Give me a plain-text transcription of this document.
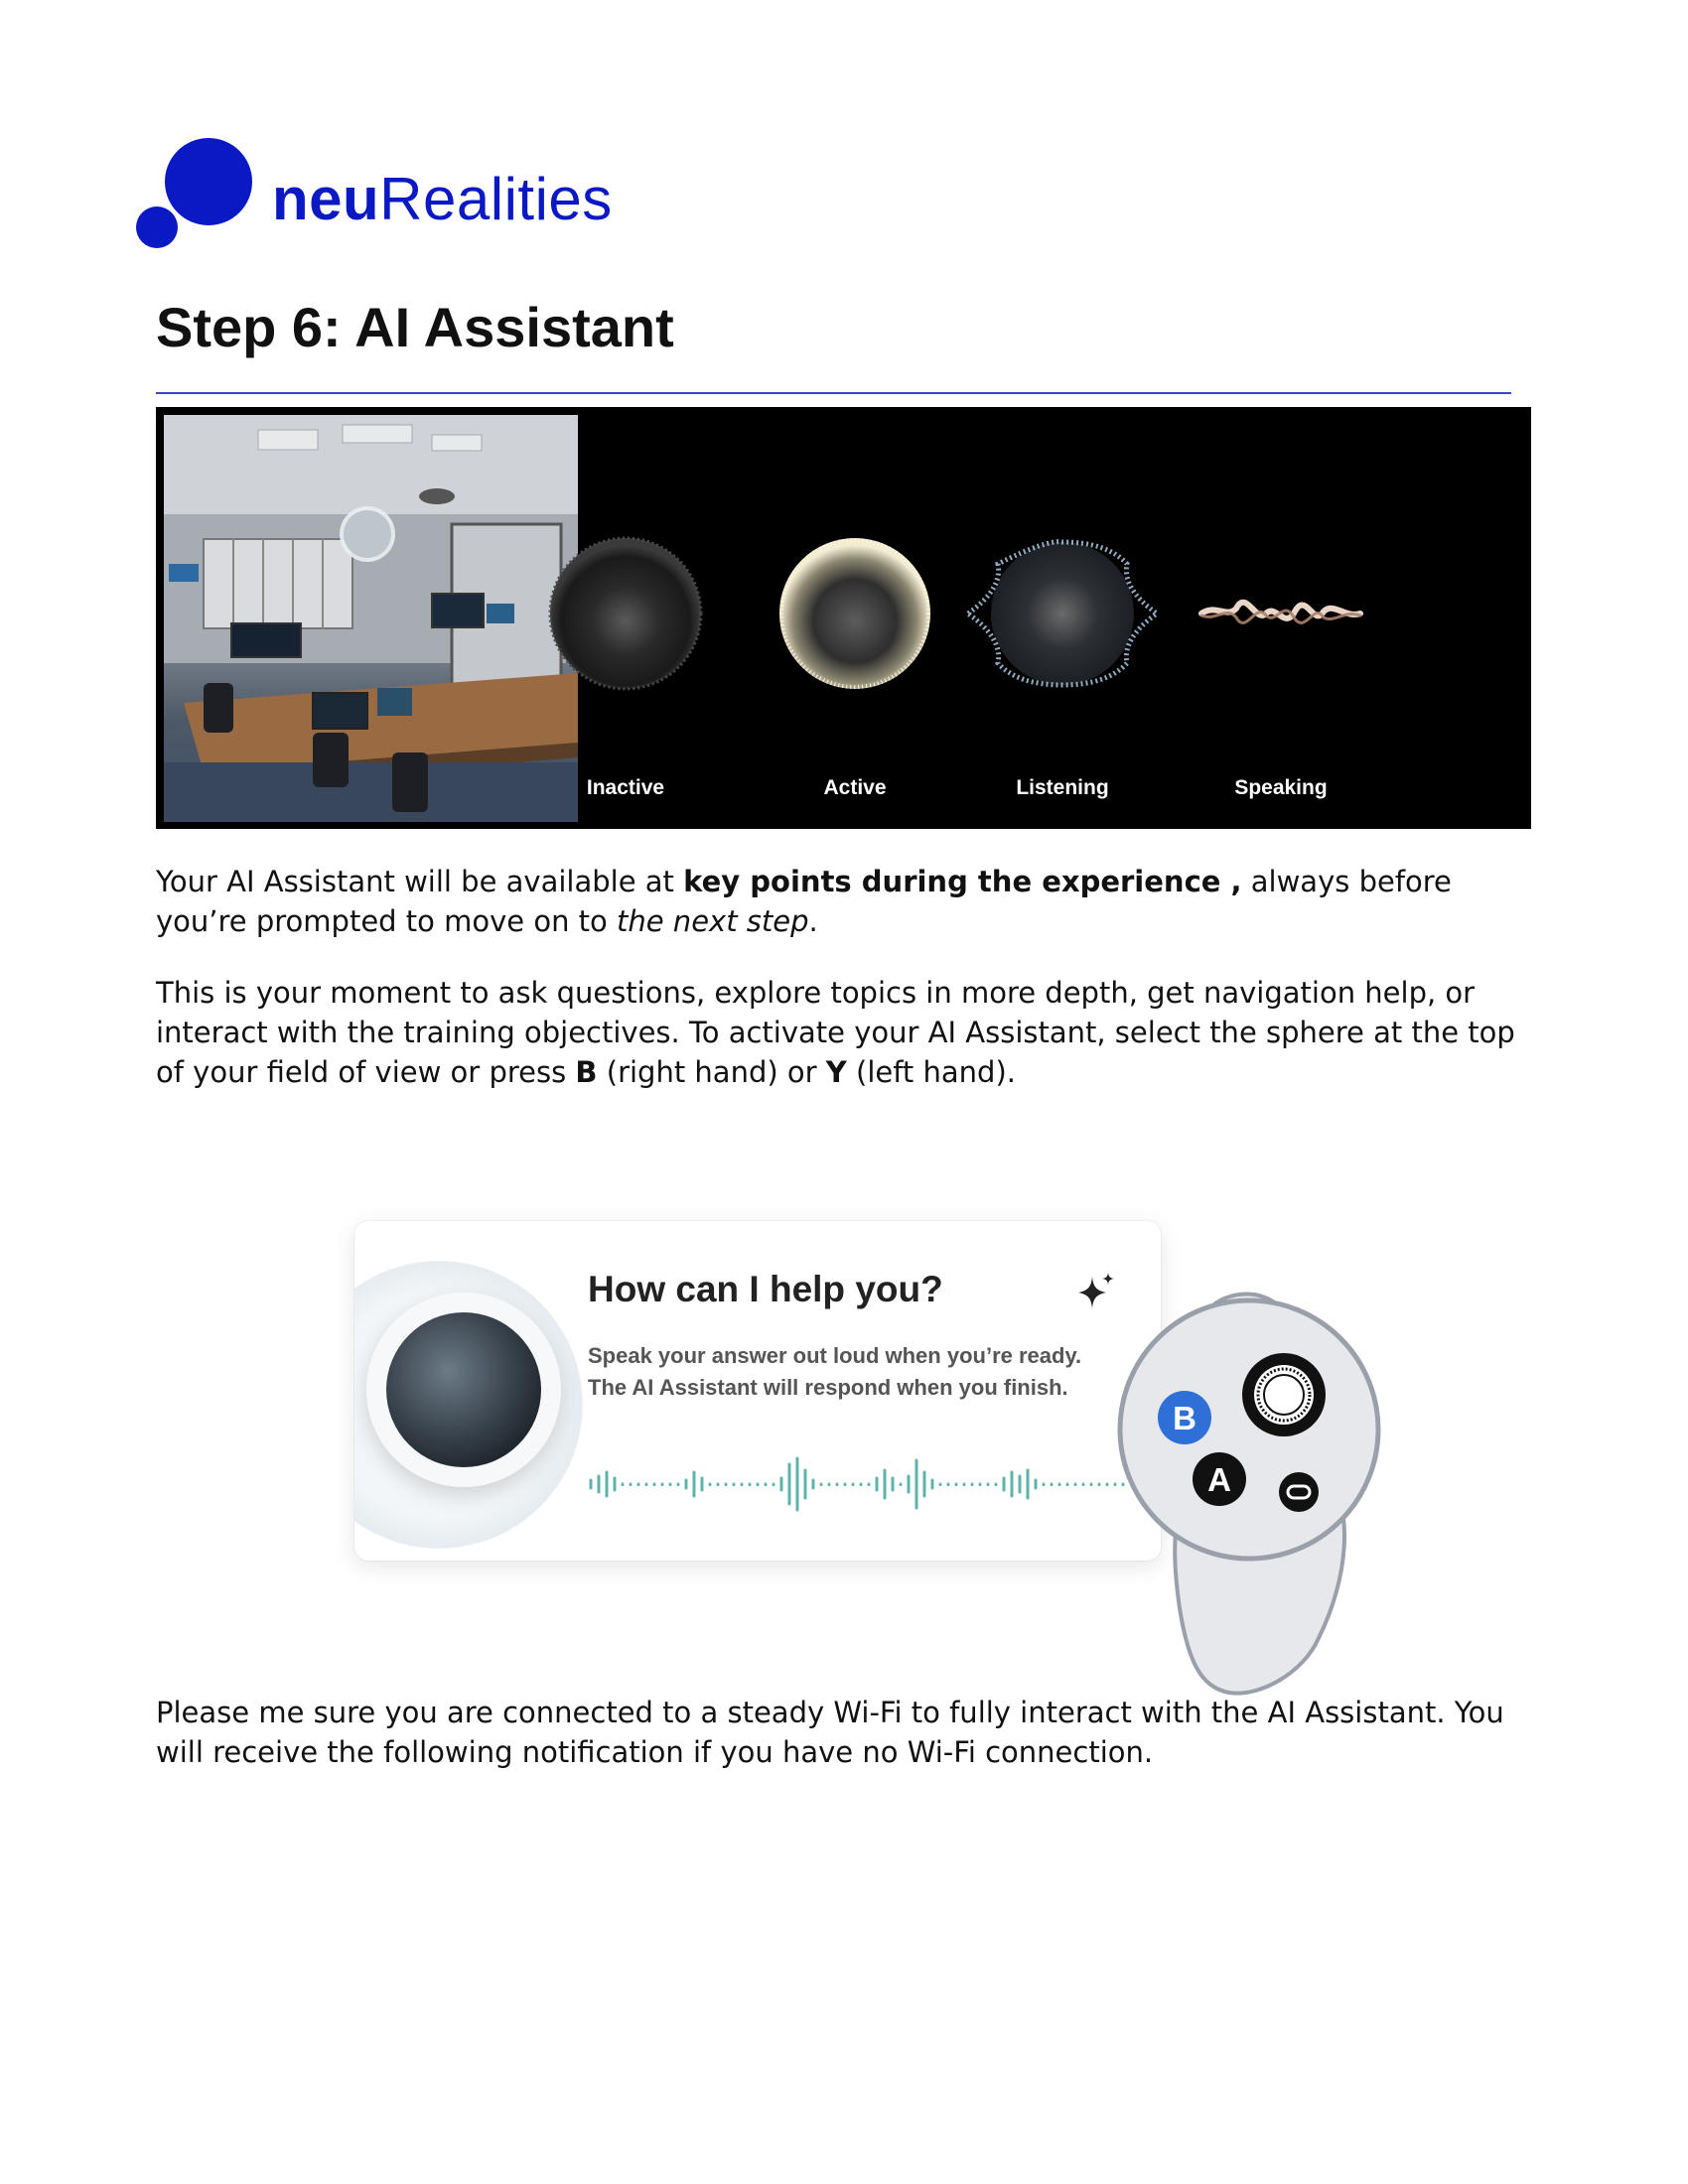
neuRealities
Step 6: AI Assistant
Inactive	Active	Listening	Speaking

Your AI Assistant will be available at key points during the experience , always before you’re prompted to move on to the next step.

This is your moment to ask questions, explore topics in more depth, get navigation help, or interact with the training objectives. To activate your AI Assistant, select the sphere at the top of your field of view or press B (right hand) or Y (left hand).

How can I help you?
Speak your answer out loud when you’re ready.
The AI Assistant will respond when you finish.
B
A

Please me sure you are connected to a steady Wi-Fi to fully interact with the AI Assistant. You will receive the following notification if you have no Wi-Fi connection.
